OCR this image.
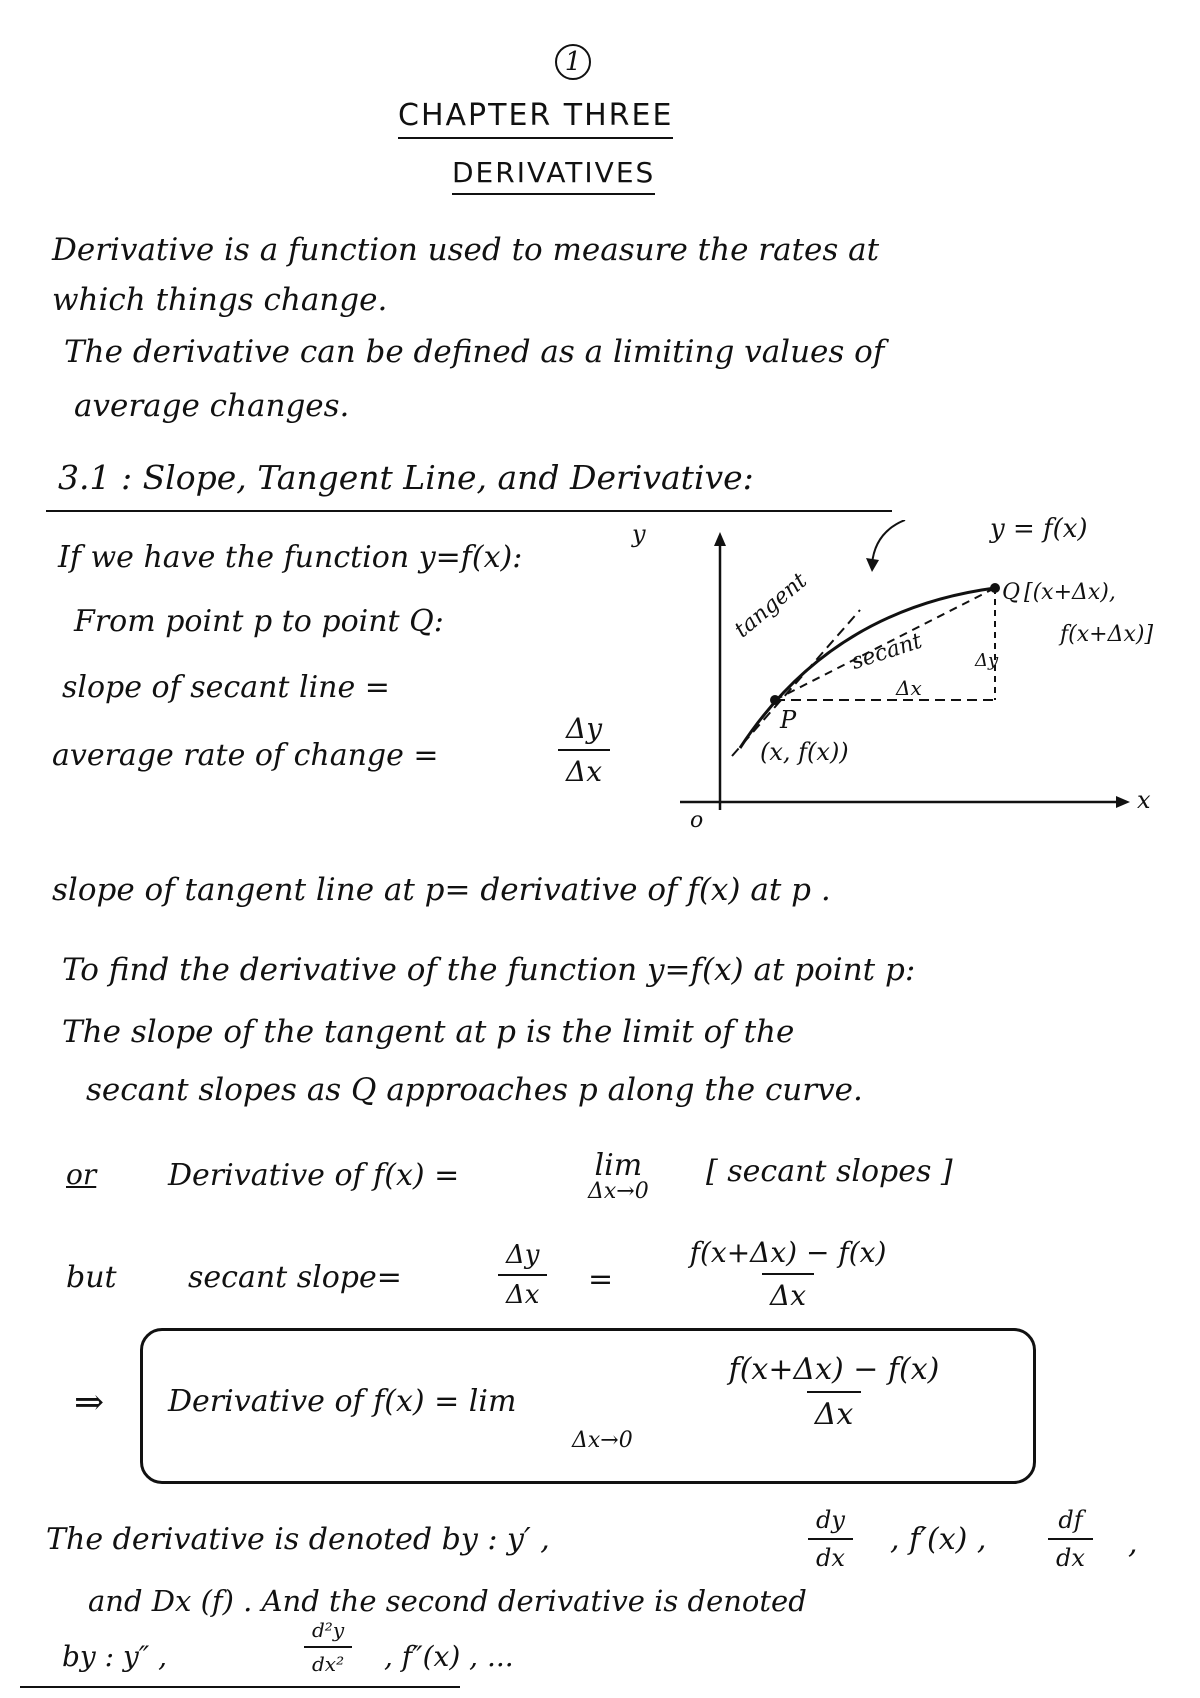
1
CHAPTER THREE
DERIVATIVES
Derivative is a function used to measure the rates at
which things change.
The derivative can be defined as a limiting values of
average changes.
3.1 : Slope, Tangent Line, and Derivative:
If we have the function y=f(x):
From point p to point Q:
slope of secant line =
average rate of change =	$\frac{\Delta y}{\Delta x}$
y
x
o
y = f(x)
tangent
secant
Δx
Δy
P
(x, f(x))
Q [(x+Δx),
f(x+Δx)]
slope of tangent line at p= derivative of f(x) at p .
To find the derivative of the function y=f(x) at point p:
The slope of the tangent at p is the limit of the
secant slopes as Q approaches p along the curve.
or Derivative of f(x) =	lim
Δx→0
[ secant slopes ]
but secant slope=	$\frac{\Delta y}{\Delta x} = \frac{f(x+\Delta x) - f(x)}{\Delta x}$
⇒ Derivative of f(x) = lim
Δx→0
$\frac{f(x+\Delta x) - f(x)}{\Delta x}$
The derivative is denoted by : y′ ,	$\frac{dy}{dx}$ , f′(x) ,	$\frac{df}{dx}$ ,
and Dx (f) . And the second derivative is denoted
by : y″ ,	$\frac{\text{d²y}}{\text{dx²}}$ , f″(x) , ...
